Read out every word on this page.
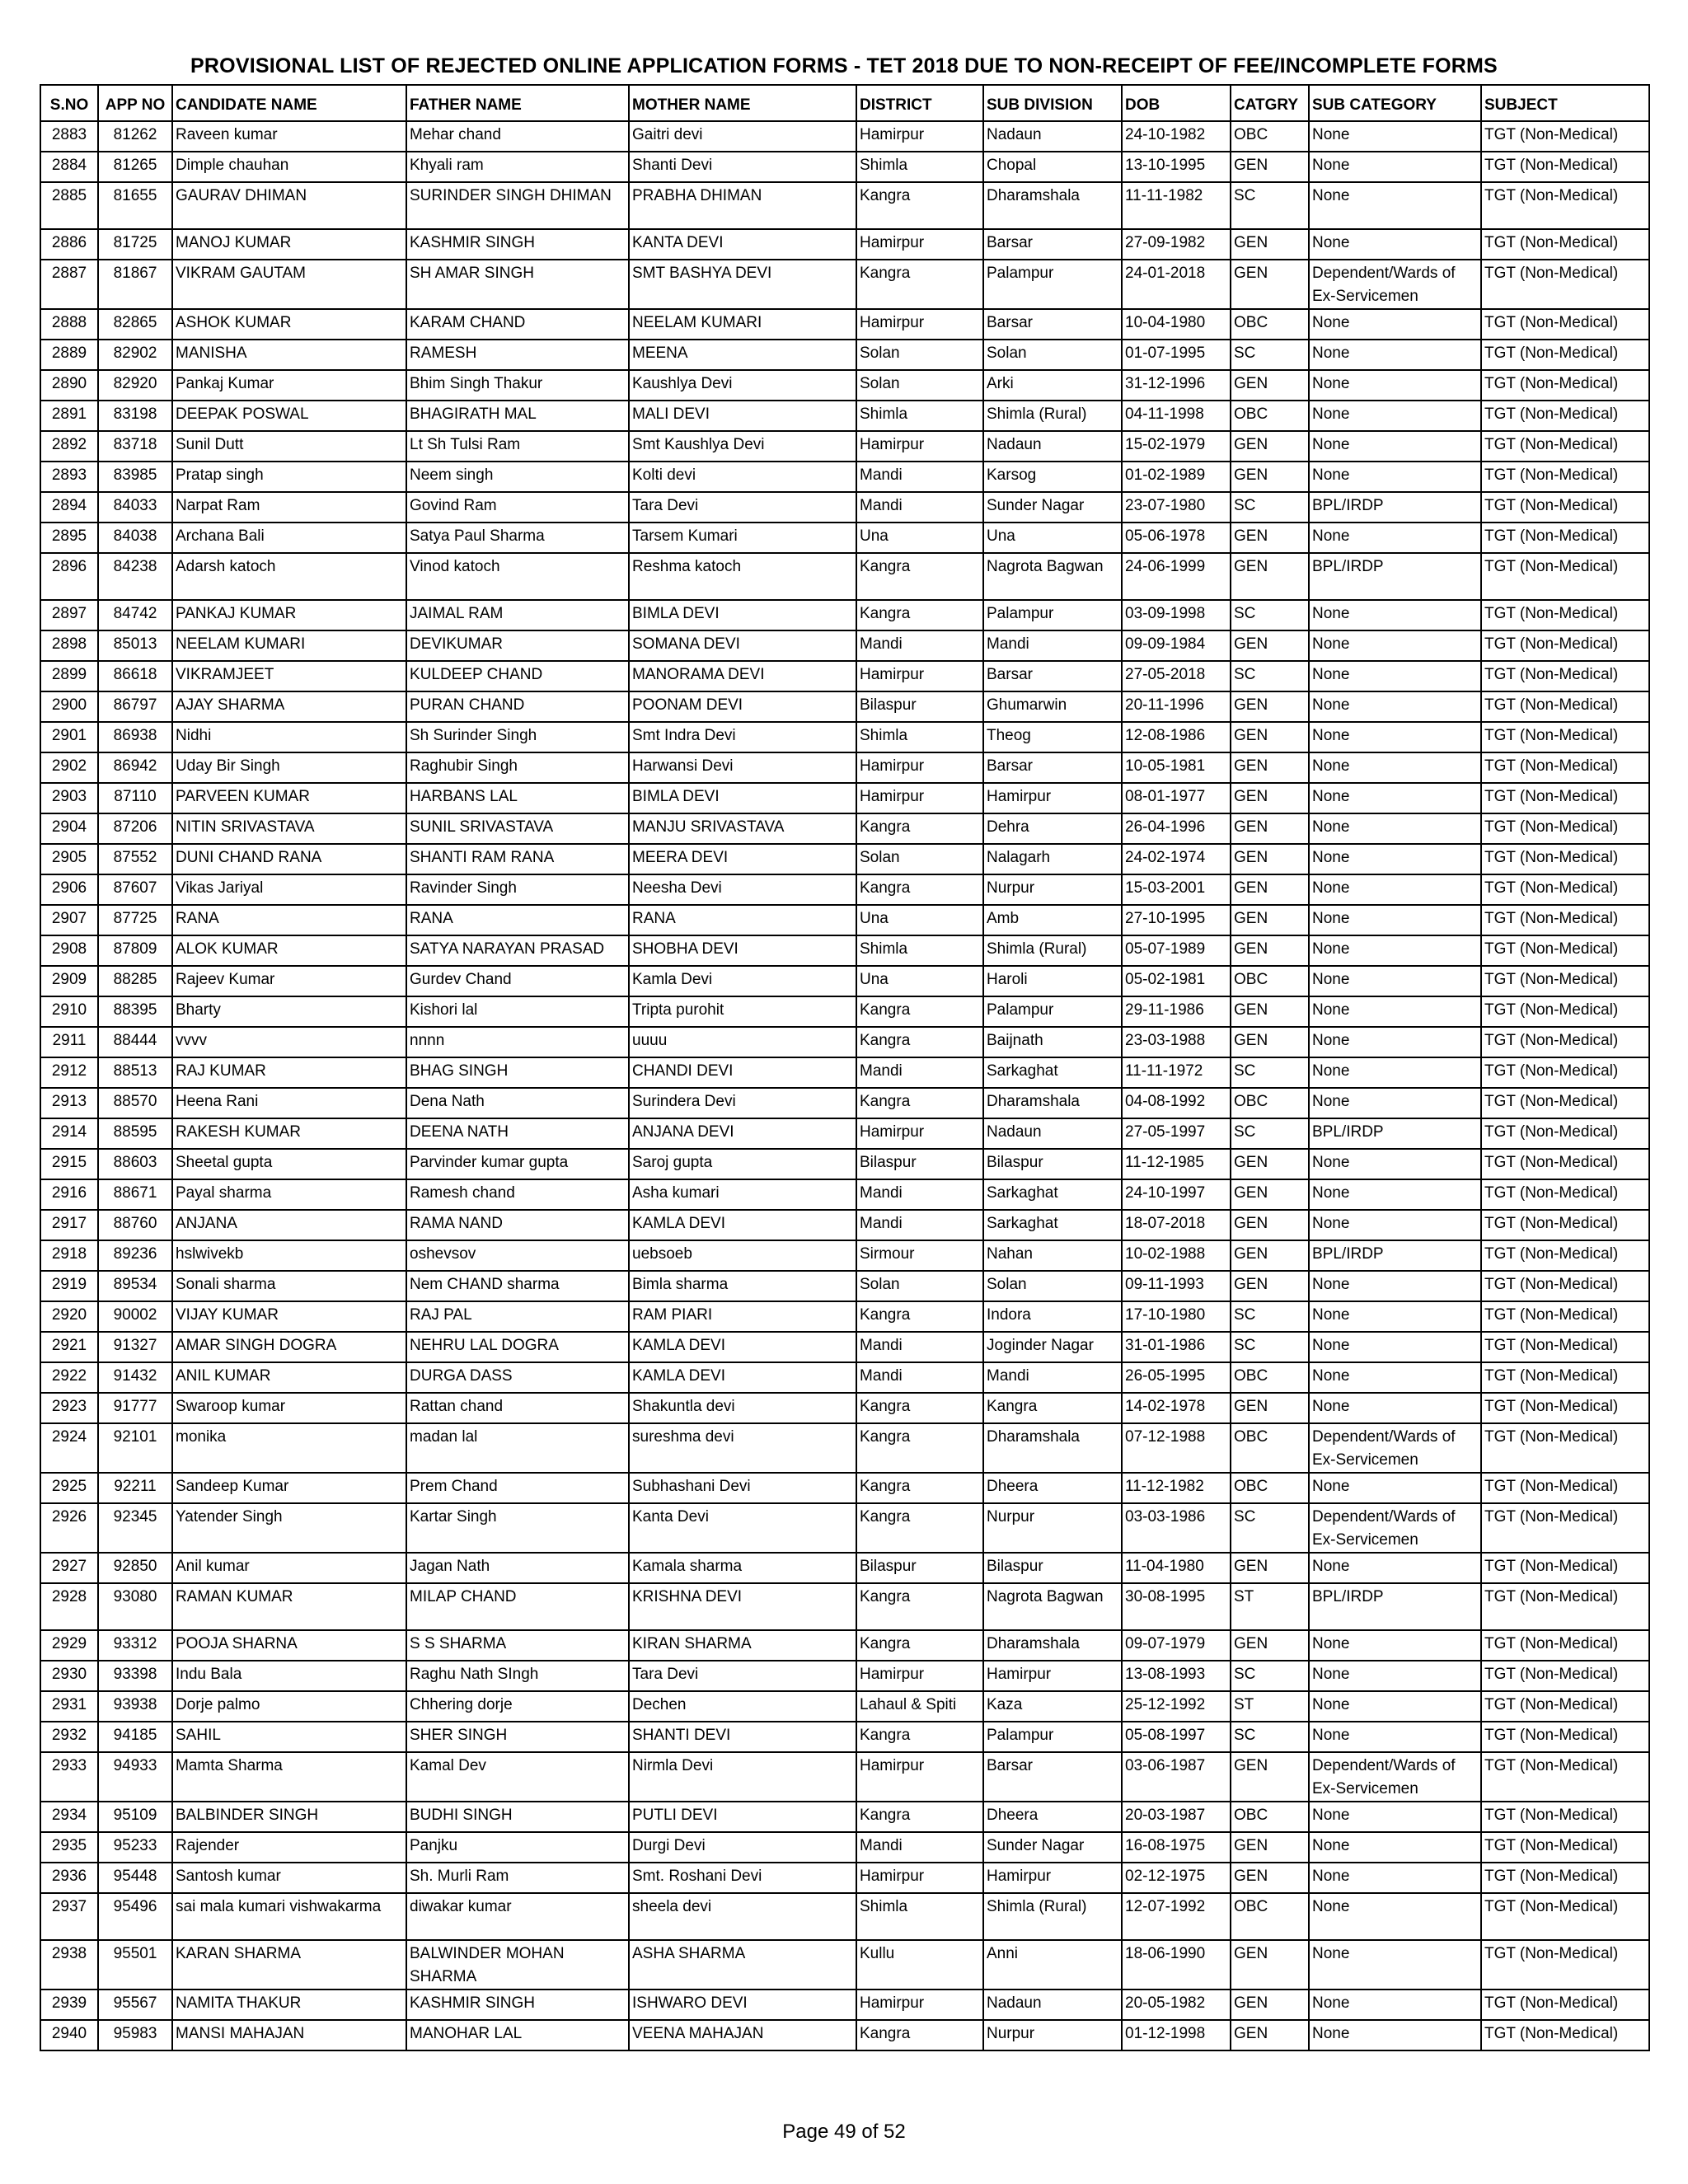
PROVISIONAL LIST OF REJECTED ONLINE APPLICATION FORMS - TET 2018 DUE TO NON-RECEIPT OF FEE/INCOMPLETE FORMS
S.NO	APP NO	CANDIDATE NAME	FATHER NAME	MOTHER NAME	DISTRICT	SUB DIVISION	DOB	CATGRY	SUB CATEGORY	SUBJECT
2883	81262	Raveen kumar	Mehar chand	Gaitri devi	Hamirpur	Nadaun	24-10-1982	OBC	None	TGT (Non-Medical)
2884	81265	Dimple chauhan	Khyali ram	Shanti Devi	Shimla	Chopal	13-10-1995	GEN	None	TGT (Non-Medical)
2885	81655	GAURAV DHIMAN	SURINDER SINGH DHIMAN	PRABHA DHIMAN	Kangra	Dharamshala	11-11-1982	SC	None	TGT (Non-Medical)
2886	81725	MANOJ KUMAR	KASHMIR SINGH	KANTA DEVI	Hamirpur	Barsar	27-09-1982	GEN	None	TGT (Non-Medical)
2887	81867	VIKRAM GAUTAM	SH AMAR SINGH	SMT BASHYA DEVI	Kangra	Palampur	24-01-2018	GEN	Dependent/Wards of Ex-Servicemen	TGT (Non-Medical)
2888	82865	ASHOK KUMAR	KARAM CHAND	NEELAM KUMARI	Hamirpur	Barsar	10-04-1980	OBC	None	TGT (Non-Medical)
2889	82902	MANISHA	RAMESH	MEENA	Solan	Solan	01-07-1995	SC	None	TGT (Non-Medical)
2890	82920	Pankaj Kumar	Bhim Singh Thakur	Kaushlya Devi	Solan	Arki	31-12-1996	GEN	None	TGT (Non-Medical)
2891	83198	DEEPAK POSWAL	BHAGIRATH MAL	MALI DEVI	Shimla	Shimla (Rural)	04-11-1998	OBC	None	TGT (Non-Medical)
2892	83718	Sunil Dutt	Lt Sh Tulsi Ram	Smt Kaushlya Devi	Hamirpur	Nadaun	15-02-1979	GEN	None	TGT (Non-Medical)
2893	83985	Pratap singh	Neem singh	Kolti devi	Mandi	Karsog	01-02-1989	GEN	None	TGT (Non-Medical)
2894	84033	Narpat Ram	Govind Ram	Tara Devi	Mandi	Sunder Nagar	23-07-1980	SC	BPL/IRDP	TGT (Non-Medical)
2895	84038	Archana Bali	Satya Paul Sharma	Tarsem Kumari	Una	Una	05-06-1978	GEN	None	TGT (Non-Medical)
2896	84238	Adarsh katoch	Vinod katoch	Reshma katoch	Kangra	Nagrota Bagwan	24-06-1999	GEN	BPL/IRDP	TGT (Non-Medical)
2897	84742	PANKAJ KUMAR	JAIMAL RAM	BIMLA DEVI	Kangra	Palampur	03-09-1998	SC	None	TGT (Non-Medical)
2898	85013	NEELAM KUMARI	DEVIKUMAR	SOMANA DEVI	Mandi	Mandi	09-09-1984	GEN	None	TGT (Non-Medical)
2899	86618	VIKRAMJEET	KULDEEP CHAND	MANORAMA DEVI	Hamirpur	Barsar	27-05-2018	SC	None	TGT (Non-Medical)
2900	86797	AJAY SHARMA	PURAN CHAND	POONAM DEVI	Bilaspur	Ghumarwin	20-11-1996	GEN	None	TGT (Non-Medical)
2901	86938	Nidhi	Sh Surinder Singh	Smt Indra Devi	Shimla	Theog	12-08-1986	GEN	None	TGT (Non-Medical)
2902	86942	Uday Bir Singh	Raghubir Singh	Harwansi Devi	Hamirpur	Barsar	10-05-1981	GEN	None	TGT (Non-Medical)
2903	87110	PARVEEN KUMAR	HARBANS LAL	BIMLA DEVI	Hamirpur	Hamirpur	08-01-1977	GEN	None	TGT (Non-Medical)
2904	87206	NITIN SRIVASTAVA	SUNIL SRIVASTAVA	MANJU SRIVASTAVA	Kangra	Dehra	26-04-1996	GEN	None	TGT (Non-Medical)
2905	87552	DUNI CHAND RANA	SHANTI RAM RANA	MEERA DEVI	Solan	Nalagarh	24-02-1974	GEN	None	TGT (Non-Medical)
2906	87607	Vikas Jariyal	Ravinder Singh	Neesha Devi	Kangra	Nurpur	15-03-2001	GEN	None	TGT (Non-Medical)
2907	87725	RANA	RANA	RANA	Una	Amb	27-10-1995	GEN	None	TGT (Non-Medical)
2908	87809	ALOK KUMAR	SATYA NARAYAN PRASAD	SHOBHA DEVI	Shimla	Shimla (Rural)	05-07-1989	GEN	None	TGT (Non-Medical)
2909	88285	Rajeev Kumar	Gurdev Chand	Kamla Devi	Una	Haroli	05-02-1981	OBC	None	TGT (Non-Medical)
2910	88395	Bharty	Kishori lal	Tripta purohit	Kangra	Palampur	29-11-1986	GEN	None	TGT (Non-Medical)
2911	88444	vvvv	nnnn	uuuu	Kangra	Baijnath	23-03-1988	GEN	None	TGT (Non-Medical)
2912	88513	RAJ KUMAR	BHAG SINGH	CHANDI DEVI	Mandi	Sarkaghat	11-11-1972	SC	None	TGT (Non-Medical)
2913	88570	Heena Rani	Dena Nath	Surindera Devi	Kangra	Dharamshala	04-08-1992	OBC	None	TGT (Non-Medical)
2914	88595	RAKESH KUMAR	DEENA NATH	ANJANA DEVI	Hamirpur	Nadaun	27-05-1997	SC	BPL/IRDP	TGT (Non-Medical)
2915	88603	Sheetal gupta	Parvinder kumar gupta	Saroj gupta	Bilaspur	Bilaspur	11-12-1985	GEN	None	TGT (Non-Medical)
2916	88671	Payal sharma	Ramesh chand	Asha kumari	Mandi	Sarkaghat	24-10-1997	GEN	None	TGT (Non-Medical)
2917	88760	ANJANA	RAMA NAND	KAMLA DEVI	Mandi	Sarkaghat	18-07-2018	GEN	None	TGT (Non-Medical)
2918	89236	hslwivekb	oshevsov	uebsoeb	Sirmour	Nahan	10-02-1988	GEN	BPL/IRDP	TGT (Non-Medical)
2919	89534	Sonali sharma	Nem CHAND sharma	Bimla sharma	Solan	Solan	09-11-1993	GEN	None	TGT (Non-Medical)
2920	90002	VIJAY KUMAR	RAJ PAL	RAM PIARI	Kangra	Indora	17-10-1980	SC	None	TGT (Non-Medical)
2921	91327	AMAR SINGH DOGRA	NEHRU LAL DOGRA	KAMLA DEVI	Mandi	Joginder Nagar	31-01-1986	SC	None	TGT (Non-Medical)
2922	91432	ANIL KUMAR	DURGA DASS	KAMLA DEVI	Mandi	Mandi	26-05-1995	OBC	None	TGT (Non-Medical)
2923	91777	Swaroop kumar	Rattan chand	Shakuntla devi	Kangra	Kangra	14-02-1978	GEN	None	TGT (Non-Medical)
2924	92101	monika	madan lal	sureshma devi	Kangra	Dharamshala	07-12-1988	OBC	Dependent/Wards of Ex-Servicemen	TGT (Non-Medical)
2925	92211	Sandeep Kumar	Prem Chand	Subhashani Devi	Kangra	Dheera	11-12-1982	OBC	None	TGT (Non-Medical)
2926	92345	Yatender Singh	Kartar Singh	Kanta Devi	Kangra	Nurpur	03-03-1986	SC	Dependent/Wards of Ex-Servicemen	TGT (Non-Medical)
2927	92850	Anil kumar	Jagan Nath	Kamala sharma	Bilaspur	Bilaspur	11-04-1980	GEN	None	TGT (Non-Medical)
2928	93080	RAMAN KUMAR	MILAP CHAND	KRISHNA DEVI	Kangra	Nagrota Bagwan	30-08-1995	ST	BPL/IRDP	TGT (Non-Medical)
2929	93312	POOJA SHARNA	S S SHARMA	KIRAN SHARMA	Kangra	Dharamshala	09-07-1979	GEN	None	TGT (Non-Medical)
2930	93398	Indu Bala	Raghu Nath SIngh	Tara Devi	Hamirpur	Hamirpur	13-08-1993	SC	None	TGT (Non-Medical)
2931	93938	Dorje palmo	Chhering dorje	Dechen	Lahaul & Spiti	Kaza	25-12-1992	ST	None	TGT (Non-Medical)
2932	94185	SAHIL	SHER SINGH	SHANTI DEVI	Kangra	Palampur	05-08-1997	SC	None	TGT (Non-Medical)
2933	94933	Mamta Sharma	Kamal Dev	Nirmla Devi	Hamirpur	Barsar	03-06-1987	GEN	Dependent/Wards of Ex-Servicemen	TGT (Non-Medical)
2934	95109	BALBINDER SINGH	BUDHI SINGH	PUTLI DEVI	Kangra	Dheera	20-03-1987	OBC	None	TGT (Non-Medical)
2935	95233	Rajender	Panjku	Durgi Devi	Mandi	Sunder Nagar	16-08-1975	GEN	None	TGT (Non-Medical)
2936	95448	Santosh kumar	Sh. Murli Ram	Smt. Roshani Devi	Hamirpur	Hamirpur	02-12-1975	GEN	None	TGT (Non-Medical)
2937	95496	sai mala kumari vishwakarma	diwakar kumar	sheela devi	Shimla	Shimla (Rural)	12-07-1992	OBC	None	TGT (Non-Medical)
2938	95501	KARAN SHARMA	BALWINDER MOHAN SHARMA	ASHA SHARMA	Kullu	Anni	18-06-1990	GEN	None	TGT (Non-Medical)
2939	95567	NAMITA THAKUR	KASHMIR SINGH	ISHWARO DEVI	Hamirpur	Nadaun	20-05-1982	GEN	None	TGT (Non-Medical)
2940	95983	MANSI MAHAJAN	MANOHAR LAL	VEENA MAHAJAN	Kangra	Nurpur	01-12-1998	GEN	None	TGT (Non-Medical)
Page 49 of 52
